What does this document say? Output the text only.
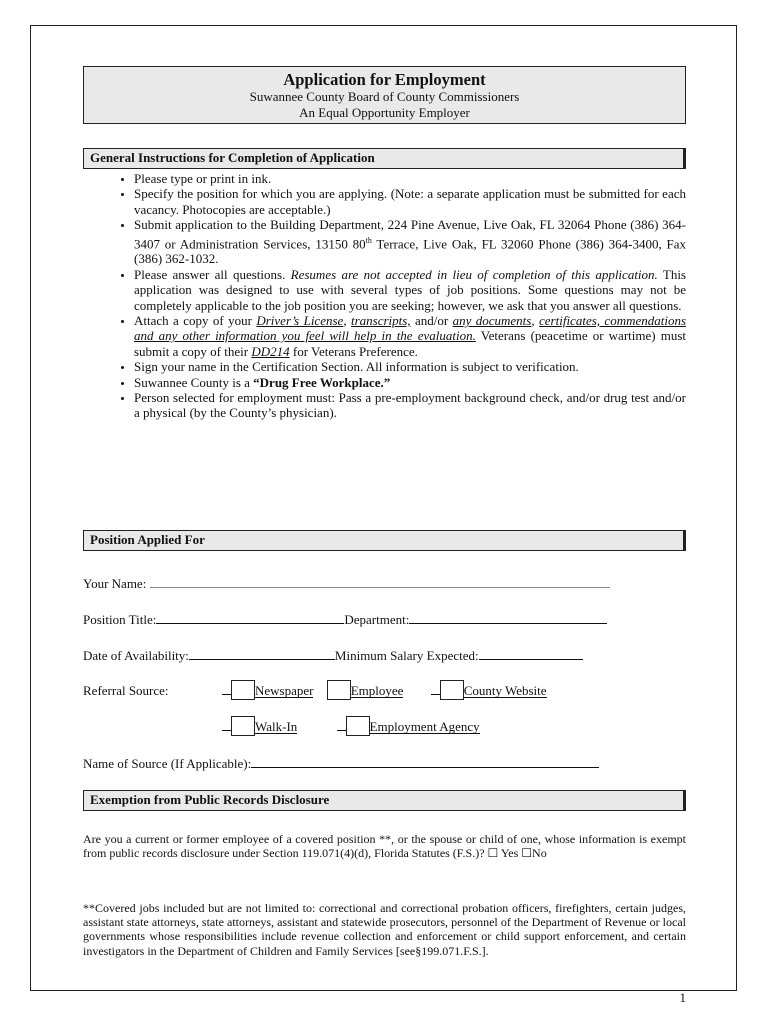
Application for Employment
Suwannee County Board of County Commissioners
An Equal Opportunity Employer
General Instructions for Completion of Application
• Please type or print in ink.
• Specify the position for which you are applying. (Note: a separate application must be submitted for each vacancy. Photocopies are acceptable.)
• Submit application to the Building Department, 224 Pine Avenue, Live Oak, FL 32064 Phone (386) 364-3407 or Administration Services, 13150 80th Terrace, Live Oak, FL 32060 Phone (386) 364-3400, Fax (386) 362-1032.
• Please answer all questions. Resumes are not accepted in lieu of completion of this application. This application was designed to use with several types of job positions. Some questions may not be completely applicable to the job position you are seeking; however, we ask that you answer all questions.
• Attach a copy of your Driver’s License, transcripts, and/or any documents, certificates, commendations and any other information you feel will help in the evaluation. Veterans (peacetime or wartime) must submit a copy of their DD214 for Veterans Preference.
• Sign your name in the Certification Section. All information is subject to verification.
• Suwannee County is a “Drug Free Workplace.”
• Person selected for employment must: Pass a pre-employment background check, and/or drug test and/or a physical (by the County’s physician).
Position Applied For
Your Name:
Position Title:	Department:
Date of Availability:	Minimum Salary Expected:
Referral Source:	Newspaper	Employee	County Website
Walk-In	Employment Agency
Name of Source (If Applicable):
Exemption from Public Records Disclosure
Are you a current or former employee of a covered position **, or the spouse or child of one, whose information is exempt from public records disclosure under Section 119.071(4)(d), Florida Statutes (F.S.)? ☐ Yes ☐No
**Covered jobs included but are not limited to: correctional and correctional probation officers, firefighters, certain judges, assistant state attorneys, state attorneys, assistant and statewide prosecutors, personnel of the Department of Revenue or local governments whose responsibilities include revenue collection and enforcement or child support enforcement, and certain investigators in the Department of Children and Family Services [see§199.071.F.S.].
1
